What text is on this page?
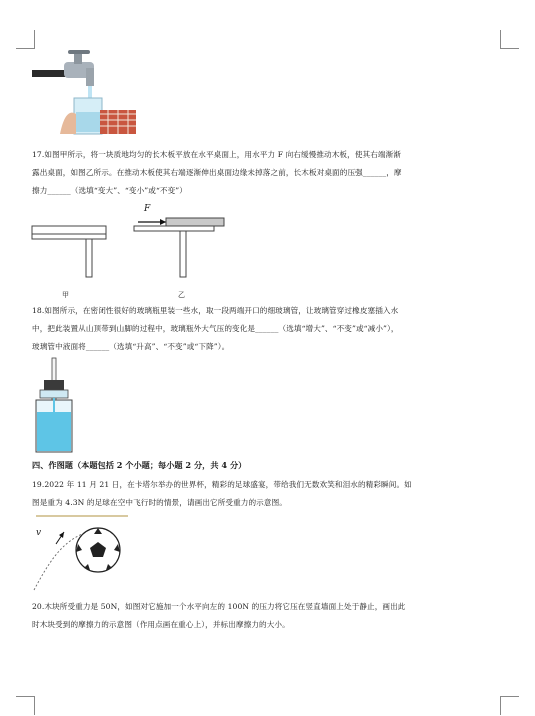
17.如图甲所示，将一块质地均匀的长木板平放在水平桌面上，用水平力 F 向右缓慢推动木板，使其右端渐渐
露出桌面，如图乙所示。在推动木板使其右端逐渐伸出桌面边缘未掉落之前，长木板对桌面的压强______，摩
擦力______（选填“变大”、“变小”或“不变”）
F
甲	乙
18.如图所示，在密闭性很好的玻璃瓶里装一些水，取一段两端开口的细玻璃管，让玻璃管穿过橡皮塞插入水
中，把此装置从山顶带到山脚的过程中，玻璃瓶外大气压的变化是______（选填“增大”、“不变”或“减小”），
玻璃管中液面将______（选填“升高”、“不变”或“下降”）。
四、作图题（本题包括 2 个小题；每小题 2 分，共 4 分）
19.2022 年 11 月 21 日，在卡塔尔举办的世界杯，精彩的足球盛宴，带给我们无数欢笑和泪水的精彩瞬间。如
图是重为 4.3N 的足球在空中飞行时的情景，请画出它所受重力的示意图。
v
20.木块所受重力是 50N，如图对它施加一个水平向左的 100N 的压力将它压在竖直墙面上处于静止，画出此
时木块受到的摩擦力的示意图（作用点画在重心上），并标出摩擦力的大小。
